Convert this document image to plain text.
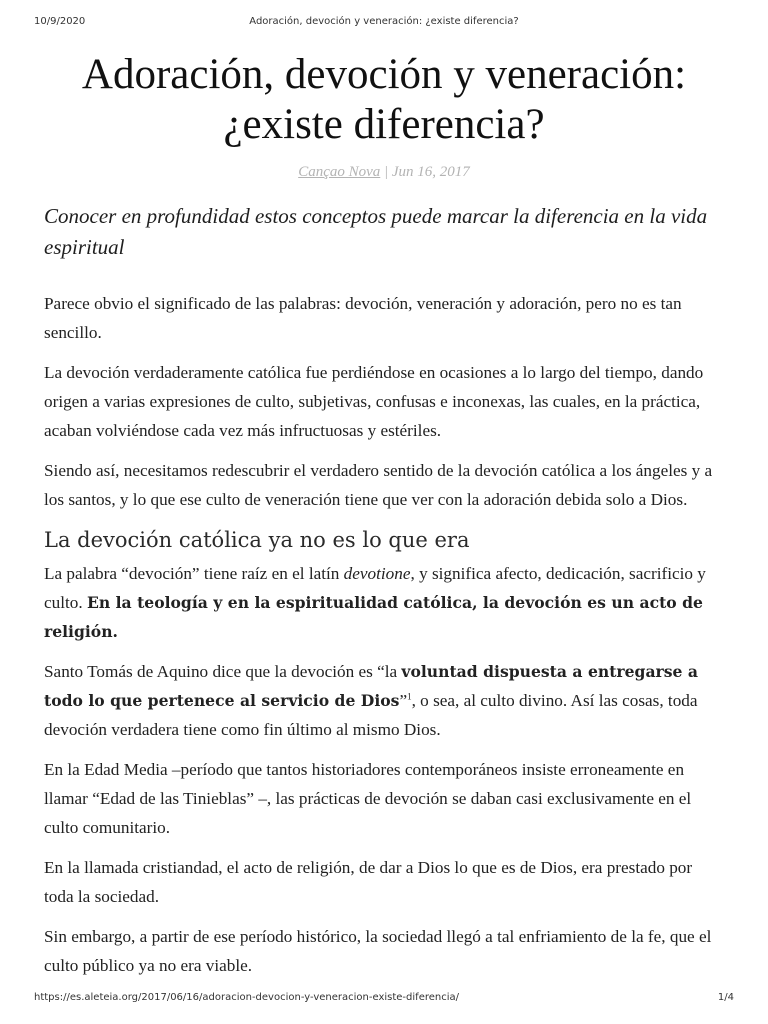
10/9/2020	Adoración, devoción y veneración: ¿existe diferencia?
Adoración, devoción y veneración:
¿existe diferencia?
Cançao Nova | Jun 16, 2017

Conocer en profundidad estos conceptos puede marcar la diferencia en la vida espiritual

Parece obvio el significado de las palabras: devoción, veneración y adoración, pero no es tan sencillo.

La devoción verdaderamente católica fue perdiéndose en ocasiones a lo largo del tiempo, dando origen a varias expresiones de culto, subjetivas, confusas e inconexas, las cuales, en la práctica, acaban volviéndose cada vez más infructuosas y estériles.

Siendo así, necesitamos redescubrir el verdadero sentido de la devoción católica a los ángeles y a los santos, y lo que ese culto de veneración tiene que ver con la adoración debida solo a Dios.

La devoción católica ya no es lo que era

La palabra “devoción” tiene raíz en el latín devotione, y significa afecto, dedicación, sacrificio y culto. En la teología y en la espiritualidad católica, la devoción es un acto de religión.

Santo Tomás de Aquino dice que la devoción es “la voluntad dispuesta a entregarse a todo lo que pertenece al servicio de Dios”$^1$, o sea, al culto divino. Así las cosas, toda devoción verdadera tiene como fin último al mismo Dios.

En la Edad Media –período que tantos historiadores contemporáneos insiste erroneamente en llamar “Edad de las Tinieblas” –, las prácticas de devoción se daban casi exclusivamente en el culto comunitario.

En la llamada cristiandad, el acto de religión, de dar a Dios lo que es de Dios, era prestado por toda la sociedad.

Sin embargo, a partir de ese período histórico, la sociedad llegó a tal enfriamiento de la fe, que el culto público ya no era viable.

https://es.aleteia.org/2017/06/16/adoracion-devocion-y-veneracion-existe-diferencia/	1/4
